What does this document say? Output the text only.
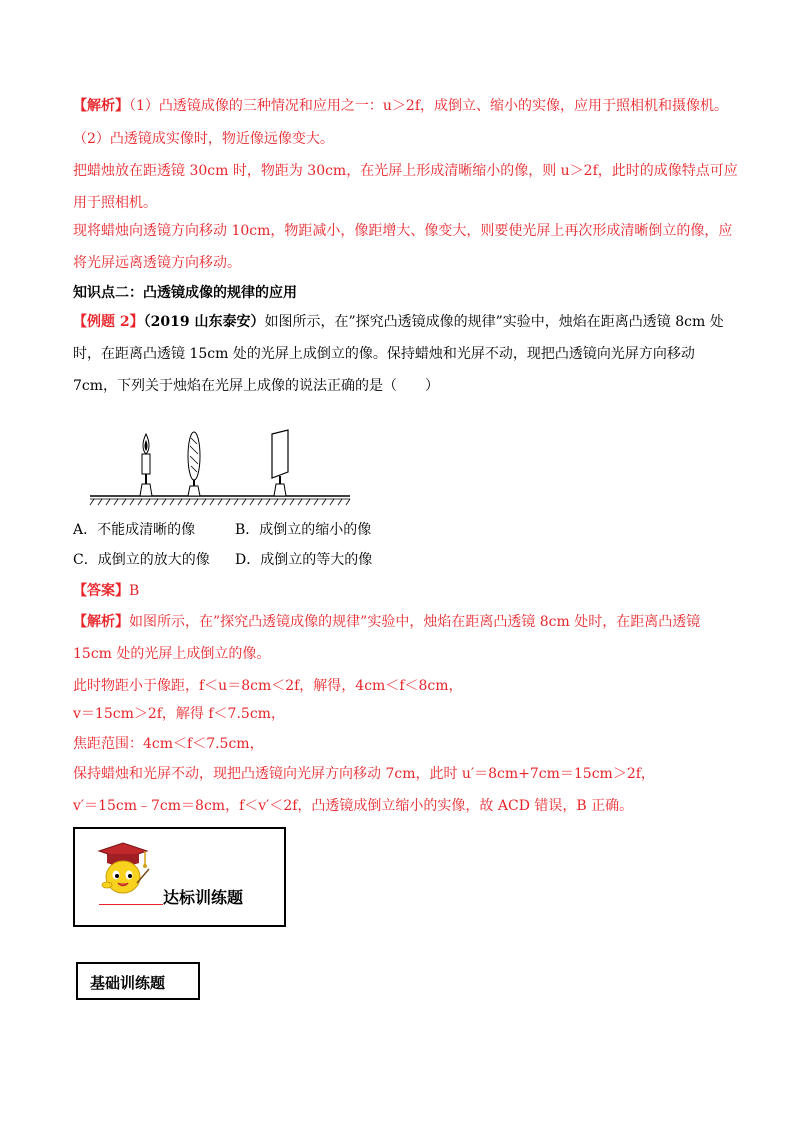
【解析】（1）凸透镜成像的三种情况和应用之一：u＞2f，成倒立、缩小的实像，应用于照相机和摄像机。
（2）凸透镜成实像时，物近像远像变大。
把蜡烛放在距透镜 30cm 时，物距为 30cm，在光屏上形成清晰缩小的像，则 u＞2f，此时的成像特点可应
用于照相机。
现将蜡烛向透镜方向移动 10cm，物距减小，像距增大、像变大，则要使光屏上再次形成清晰倒立的像，应
将光屏远离透镜方向移动。
知识点二：凸透镜成像的规律的应用
【例题 2】（2019 山东泰安）如图所示，在”探究凸透镜成像的规律”实验中，烛焰在距离凸透镜 8cm 处
时，在距离凸透镜 15cm 处的光屏上成倒立的像。保持蜡烛和光屏不动，现把凸透镜向光屏方向移动
7cm，下列关于烛焰在光屏上成像的说法正确的是（　　）
A．不能成清晰的像	B．成倒立的缩小的像
C．成倒立的放大的像 D．成倒立的等大的像
【答案】B
【解析】如图所示，在”探究凸透镜成像的规律”实验中，烛焰在距离凸透镜 8cm 处时，在距离凸透镜
15cm 处的光屏上成倒立的像。
此时物距小于像距，f＜u＝8cm＜2f，解得，4cm＜f＜8cm，
v＝15cm＞2f，解得 f＜7.5cm，
焦距范围：4cm＜f＜7.5cm，
保持蜡烛和光屏不动，现把凸透镜向光屏方向移动 7cm，此时 u′＝8cm+7cm＝15cm＞2f，
v′＝15cm﹣7cm＝8cm，f＜v′＜2f，凸透镜成倒立缩小的实像，故 ACD 错误，B 正确。
达标训练题
基础训练题
